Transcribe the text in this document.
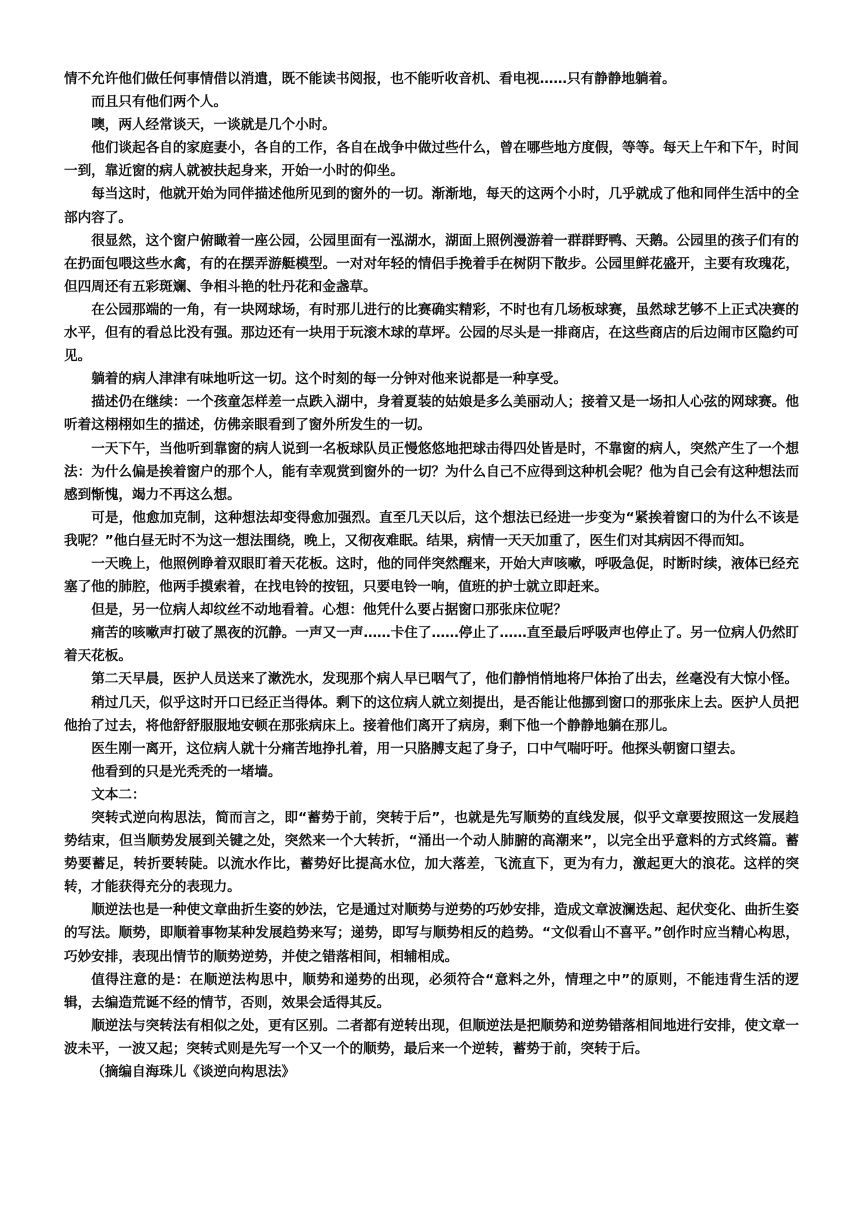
情不允许他们做任何事情借以消遣，既不能读书阅报，也不能听收音机、看电视……只有静静地躺着。

而且只有他们两个人。

噢，两人经常谈天，一谈就是几个小时。

他们谈起各自的家庭妻小，各自的工作，各自在战争中做过些什么，曾在哪些地方度假，等等。每天上午和下午，时间一到，靠近窗的病人就被扶起身来，开始一小时的仰坐。

每当这时，他就开始为同伴描述他所见到的窗外的一切。渐渐地，每天的这两个小时，几乎就成了他和同伴生活中的全部内容了。

很显然，这个窗户俯瞰着一座公园，公园里面有一泓湖水，湖面上照例漫游着一群群野鸭、天鹅。公园里的孩子们有的在扔面包喂这些水禽，有的在摆弄游艇模型。一对对年轻的情侣手挽着手在树阴下散步。公园里鲜花盛开，主要有玫瑰花，但四周还有五彩斑斓、争相斗艳的牡丹花和金盏草。

在公园那端的一角，有一块网球场，有时那儿进行的比赛确实精彩，不时也有几场板球赛，虽然球艺够不上正式决赛的水平，但有的看总比没有强。那边还有一块用于玩滚木球的草坪。公园的尽头是一排商店，在这些商店的后边闹市区隐约可见。

躺着的病人津津有味地听这一切。这个时刻的每一分钟对他来说都是一种享受。

描述仍在继续：一个孩童怎样差一点跌入湖中，身着夏装的姑娘是多么美丽动人；接着又是一场扣人心弦的网球赛。他听着这栩栩如生的描述，仿佛亲眼看到了窗外所发生的一切。

一天下午，当他听到靠窗的病人说到一名板球队员正慢悠悠地把球击得四处皆是时，不靠窗的病人，突然产生了一个想法：为什么偏是挨着窗户的那个人，能有幸观赏到窗外的一切？为什么自己不应得到这种机会呢？他为自己会有这种想法而感到惭愧，竭力不再这么想。

可是，他愈加克制，这种想法却变得愈加强烈。直至几天以后，这个想法已经进一步变为“紧挨着窗口的为什么不该是我呢？”他白昼无时不为这一想法围绕，晚上，又彻夜难眠。结果，病情一天天加重了，医生们对其病因不得而知。

一天晚上，他照例睁着双眼盯着天花板。这时，他的同伴突然醒来，开始大声咳嗽，呼吸急促，时断时续，液体已经充塞了他的肺腔，他两手摸索着，在找电铃的按钮，只要电铃一响，值班的护士就立即赶来。

但是，另一位病人却纹丝不动地看着。心想：他凭什么要占据窗口那张床位呢？

痛苦的咳嗽声打破了黑夜的沉静。一声又一声……卡住了……停止了……直至最后呼吸声也停止了。另一位病人仍然盯着天花板。

第二天早晨，医护人员送来了漱洗水，发现那个病人早已咽气了，他们静悄悄地将尸体抬了出去，丝毫没有大惊小怪。

稍过几天，似乎这时开口已经正当得体。剩下的这位病人就立刻提出，是否能让他挪到窗口的那张床上去。医护人员把他抬了过去，将他舒舒服服地安顿在那张病床上。接着他们离开了病房，剩下他一个静静地躺在那儿。

医生刚一离开，这位病人就十分痛苦地挣扎着，用一只胳膊支起了身子，口中气喘吁吁。他探头朝窗口望去。

他看到的只是光秃秃的一堵墙。

文本二：

突转式逆向构思法，简而言之，即“蓄势于前，突转于后”，也就是先写顺势的直线发展，似乎文章要按照这一发展趋势结束，但当顺势发展到关键之处，突然来一个大转折，“涌出一个动人肺腑的高潮来”，以完全出乎意料的方式终篇。蓄势要蓄足，转折要转陡。以流水作比，蓄势好比提高水位，加大落差，飞流直下，更为有力，激起更大的浪花。这样的突转，才能获得充分的表现力。

顺逆法也是一种使文章曲折生姿的妙法，它是通过对顺势与逆势的巧妙安排，造成文章波澜迭起、起伏变化、曲折生姿的写法。顺势，即顺着事物某种发展趋势来写；递势，即写与顺势相反的趋势。“文似看山不喜平。”创作时应当精心构思，巧妙安排，表现出情节的顺势逆势，并使之错落相间，相辅相成。

值得注意的是：在顺逆法构思中，顺势和递势的出现，必须符合“意料之外，情理之中”的原则，不能违背生活的逻辑，去编造荒诞不经的情节，否则，效果会适得其反。

顺逆法与突转法有相似之处，更有区别。二者都有逆转出现，但顺逆法是把顺势和逆势错落相间地进行安排，使文章一波未平，一波又起；突转式则是先写一个又一个的顺势，最后来一个逆转，蓄势于前，突转于后。

（摘编自海珠儿《谈逆向构思法》
